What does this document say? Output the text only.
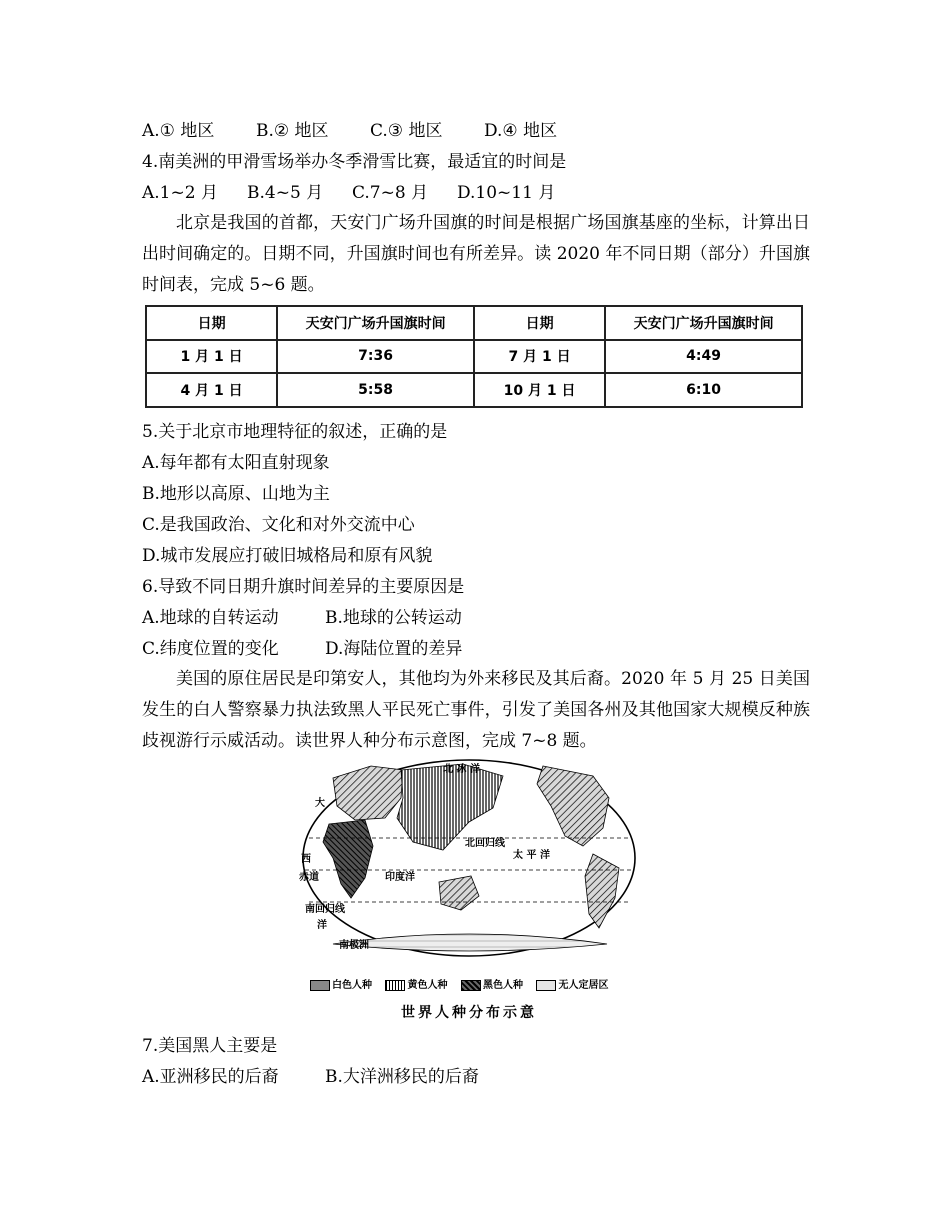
A.① 地区 B.② 地区 C.③ 地区 D.④ 地区
4.南美洲的甲滑雪场举办冬季滑雪比赛，最适宜的时间是
A.1~2 月 B.4~5 月 C.7~8 月 D.10~11 月
北京是我国的首都，天安门广场升国旗的时间是根据广场国旗基座的坐标，计算出日出时间确定的。日期不同，升国旗时间也有所差异。读 2020 年不同日期（部分）升国旗时间表，完成 5~6 题。
日期	天安门广场升国旗时间	日期	天安门广场升国旗时间
1 月 1 日	7:36	7 月 1 日	4:49
4 月 1 日	5:58	10 月 1 日	6:10
5.关于北京市地理特征的叙述，正确的是
A.每年都有太阳直射现象
B.地形以高原、山地为主
C.是我国政治、文化和对外交流中心
D.城市发展应打破旧城格局和原有风貌
6.导致不同日期升旗时间差异的主要原因是
A.地球的自转运动	B.地球的公转运动
C.纬度位置的变化	D.海陆位置的差异
美国的原住居民是印第安人，其他均为外来移民及其后裔。2020 年 5 月 25 日美国发生的白人警察暴力执法致黑人平民死亡事件，引发了美国各州及其他国家大规模反种族歧视游行示威活动。读世界人种分布示意图，完成 7~8 题。
北 冰 洋
大
西
赤道
北回归线
太 平 洋
印度洋
南回归线
洋
南极洲
白色人种	黄色人种	黑色人种	无人定居区
世界人种分布示意
7.美国黑人主要是
A.亚洲移民的后裔	B.大洋洲移民的后裔
